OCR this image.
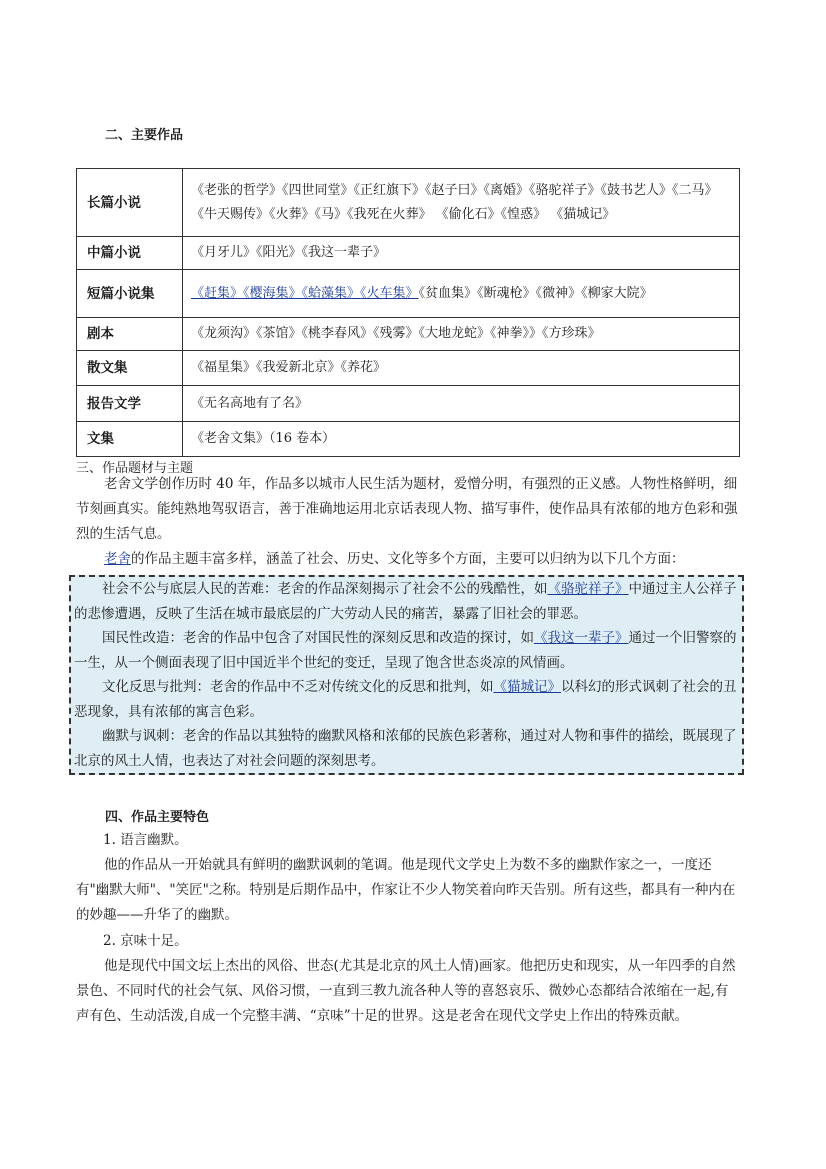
二、主要作品
长篇小说	《老张的哲学》《四世同堂》《正红旗下》《赵子曰》《离婚》《骆驼祥子》《鼓书艺人》《二马》《牛天赐传》《火葬》《马》《我死在火葬》 《偷化石》《惶惑》 《猫城记》
中篇小说	《月牙儿》《阳光》《我这一辈子》
短篇小说集	《赶集》《樱海集》《蛤藻集》《火车集》《贫血集》《断魂枪》《微神》《柳家大院》
剧本	《龙须沟》《茶馆》《桃李春风》《残雾》《大地龙蛇》《神拳》》《方珍珠》
散文集	《福星集》《我爱新北京》《养花》
报告文学	《无名高地有了名》
文集	《老舍文集》（16 卷本）
三、作品题材与主题

老舍文学创作历时 40 年，作品多以城市人民生活为题材，爱憎分明，有强烈的正义感。人物性格鲜明，细节刻画真实。能纯熟地驾驭语言，善于准确地运用北京话表现人物、描写事件，使作品具有浓郁的地方色彩和强烈的生活气息。

老舍的作品主题丰富多样，涵盖了社会、历史、文化等多个方面，主要可以归纳为以下几个方面：

社会不公与底层人民的苦难：老舍的作品深刻揭示了社会不公的残酷性，如《骆驼祥子》中通过主人公祥子的悲惨遭遇，反映了生活在城市最底层的广大劳动人民的痛苦，暴露了旧社会的罪恶。

国民性改造：老舍的作品中包含了对国民性的深刻反思和改造的探讨，如《我这一辈子》通过一个旧警察的一生，从一个侧面表现了旧中国近半个世纪的变迁，呈现了饱含世态炎凉的风情画。

文化反思与批判：老舍的作品中不乏对传统文化的反思和批判，如《猫城记》以科幻的形式讽刺了社会的丑恶现象，具有浓郁的寓言色彩。

幽默与讽刺：老舍的作品以其独特的幽默风格和浓郁的民族色彩著称，通过对人物和事件的描绘，既展现了北京的风土人情，也表达了对社会问题的深刻思考。

四、作品主要特色

1. 语言幽默。

他的作品从一开始就具有鲜明的幽默讽刺的笔调。他是现代文学史上为数不多的幽默作家之一，一度还有"幽默大师"、"笑匠"之称。特别是后期作品中，作家让不少人物笑着向昨天告别。所有这些，都具有一种内在的妙趣——升华了的幽默。

2. 京味十足。

他是现代中国文坛上杰出的风俗、世态(尤其是北京的风土人情)画家。他把历史和现实，从一年四季的自然景色、不同时代的社会气氛、风俗习惯，一直到三教九流各种人等的喜怒哀乐、微妙心态都结合浓缩在一起,有声有色、生动活泼,自成一个完整丰满、“京味”十足的世界。这是老舍在现代文学史上作出的特殊贡献。
